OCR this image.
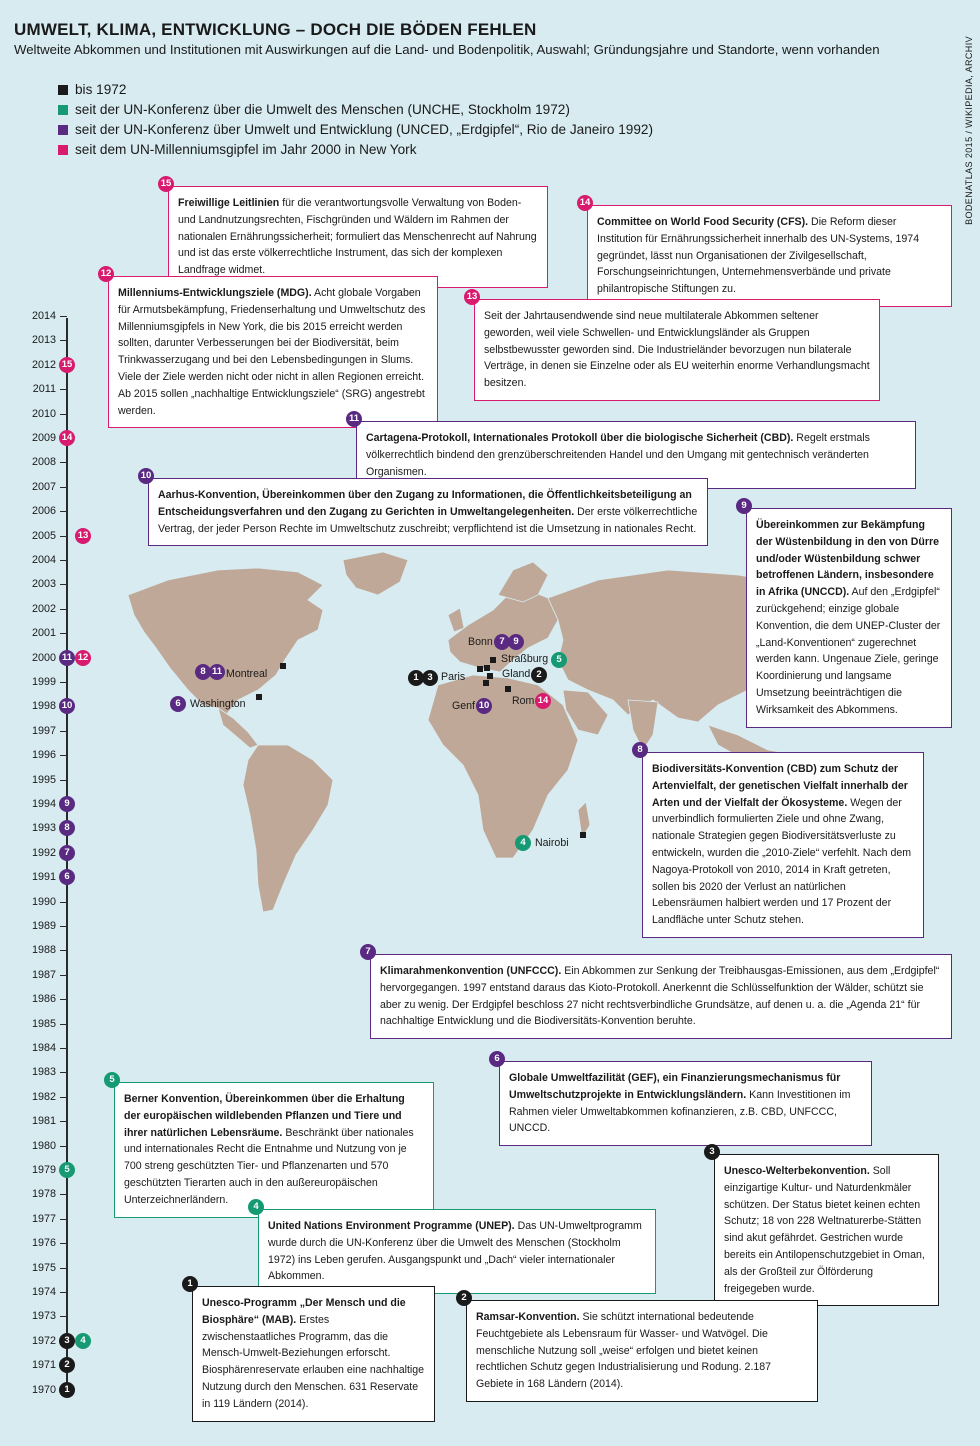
UMWELT, KLIMA, ENTWICKLUNG – DOCH DIE BÖDEN FEHLEN
Weltweite Abkommen und Institutionen mit Auswirkungen auf die Land- und Bodenpolitik, Auswahl; Gründungsjahre und Standorte, wenn vorhanden	BODENATLAS 2015 / WIKIPEDIA, ARCHIV
bis 1972
seit der UN-Konferenz über die Umwelt des Menschen (UNCHE, Stockholm 1972)
seit der UN-Konferenz über Umwelt und Entwicklung (UNCED, „Erdgipfel“, Rio de Janeiro 1992)
seit dem UN-Millenniumsgipfel im Jahr 2000 in New York
2014
2013
2012
2011
2010
2009
2008
2007
2006
2005
2004
2003
2002
2001
2000
1999
1998
1997
1996
1995
1994
1993
1992
1991
1990
1989
1988
1987
1986
1985
1984
1983
1982
1981
1980
1979
1978
1977
1976
1975
1974
1973
1972
1971
1970
15
14
13
11 12
10
9
8
7
6
5
3	4
2
1
Montreal
8 11
Washington
6
Bonn 7 9
Straßburg 5
1 3 Paris	Gland 2
Genf 10 Rom 14
4 Nairobi
15
Freiwillige Leitlinien für die verantwortungsvolle Verwaltung von Boden- und Landnutzungsrechten, Fischgründen und Wäldern im Rahmen der nationalen Ernährungssicherheit; formuliert das Menschenrecht auf Nahrung und ist das erste völkerrechtliche Instrument, das sich der komplexen Landfrage widmet.
14
Committee on World Food Security (CFS). Die Reform dieser Institution für Ernährungssicherheit innerhalb des UN-Systems, 1974 gegründet, lässt nun Organisationen der Zivilgesellschaft, Forschungseinrichtungen, Unternehmensverbände und private philantropische Stiftungen zu.
12
Millenniums-Entwicklungsziele (MDG). Acht globale Vorgaben für Armutsbekämpfung, Friedenserhaltung und Umweltschutz des Millenniumsgipfels in New York, die bis 2015 erreicht werden sollten, darunter Verbesserungen bei der Biodiversität, beim Trinkwasserzugang und bei den Lebensbedingungen in Slums. Viele der Ziele werden nicht oder nicht in allen Regionen erreicht. Ab 2015 sollen „nachhaltige Entwicklungsziele“ (SRG) angestrebt werden.
13
Seit der Jahrtausendwende sind neue multilaterale Abkommen seltener geworden, weil viele Schwellen- und Entwicklungsländer als Gruppen selbstbewusster geworden sind. Die Industrieländer bevorzugen nun bilaterale Verträge, in denen sie Einzelne oder als EU weiterhin enorme Verhandlungsmacht besitzen.
11
Cartagena-Protokoll, Internationales Protokoll über die biologische Sicherheit (CBD). Regelt erstmals völkerrechtlich bindend den grenzüberschreitenden Handel und den Umgang mit gentechnisch veränderten Organismen.
10
Aarhus-Konvention, Übereinkommen über den Zugang zu Informationen, die Öffentlichkeitsbeteiligung an Entscheidungsverfahren und den Zugang zu Gerichten in Umweltangelegenheiten. Der erste völkerrechtliche Vertrag, der jeder Person Rechte im Umweltschutz zuschreibt; verpflichtend ist die Umsetzung in nationales Recht.
9
Übereinkommen zur Bekämpfung der Wüstenbildung in den von Dürre und/oder Wüstenbildung schwer betroffenen Ländern, insbesondere in Afrika (UNCCD). Auf den „Erdgipfel“ zurückgehend; einzige globale Konvention, die dem UNEP-Cluster der „Land-Konventionen“ zugerechnet werden kann. Ungenaue Ziele, geringe Koordinierung und langsame Umsetzung beeinträchtigen die Wirksamkeit des Abkommens.
8
Biodiversitäts-Konvention (CBD) zum Schutz der Artenvielfalt, der genetischen Vielfalt innerhalb der Arten und der Vielfalt der Ökosysteme. Wegen der unverbindlich formulierten Ziele und ohne Zwang, nationale Strategien gegen Biodiversitätsverluste zu entwickeln, wurden die „2010-Ziele“ verfehlt. Nach dem Nagoya-Protokoll von 2010, 2014 in Kraft getreten, sollen bis 2020 der Verlust an natürlichen Lebensräumen halbiert werden und 17 Prozent der Landfläche unter Schutz stehen.
7
Klimarahmenkonvention (UNFCCC). Ein Abkommen zur Senkung der Treibhausgas-Emissionen, aus dem „Erdgipfel“ hervorgegangen. 1997 entstand daraus das Kioto-Protokoll. Anerkennt die Schlüsselfunktion der Wälder, schützt sie aber zu wenig. Der Erdgipfel beschloss 27 nicht rechtsverbindliche Grundsätze, auf denen u. a. die „Agenda 21“ für nachhaltige Entwicklung und die Biodiversitäts-Konvention beruhte.
6
Globale Umweltfazilität (GEF), ein Finanzierungsmechanismus für Umweltschutzprojekte in Entwicklungsländern. Kann Investitionen im Rahmen vieler Umweltabkommen kofinanzieren, z.B. CBD, UNFCCC, UNCCD.
5
Berner Konvention, Übereinkommen über die Erhaltung der europäischen wildlebenden Pflanzen und Tiere und ihrer natürlichen Lebensräume. Beschränkt über nationales und internationales Recht die Entnahme und Nutzung von je 700 streng geschützten Tier- und Pflanzenarten und 570 geschützten Tierarten auch in den außereuropäischen Unterzeichnerländern.
3
Unesco-Welterbekonvention. Soll einzigartige Kultur- und Naturdenkmäler schützen. Der Status bietet keinen echten Schutz; 18 von 228 Weltnaturerbe-Stätten sind akut gefährdet. Gestrichen wurde bereits ein Antilopenschutzgebiet in Oman, als der Großteil zur Ölförderung freigegeben wurde.
4
United Nations Environment Programme (UNEP). Das UN-Umweltprogramm wurde durch die UN-Konferenz über die Umwelt des Menschen (Stockholm 1972) ins Leben gerufen. Ausgangspunkt und „Dach“ vieler internationaler Abkommen.
1
Unesco-Programm „Der Mensch und die Biosphäre“ (MAB). Erstes zwischenstaatliches Programm, das die Mensch-Umwelt-Beziehungen erforscht. Biosphärenreservate erlauben eine nachhaltige Nutzung durch den Menschen. 631 Reservate in 119 Ländern (2014).
2
Ramsar-Konvention. Sie schützt international bedeutende Feuchtgebiete als Lebensraum für Wasser- und Watvögel. Die menschliche Nutzung soll „weise“ erfolgen und bietet keinen rechtlichen Schutz gegen Industrialisierung und Rodung. 2.187 Gebiete in 168 Ländern (2014).
